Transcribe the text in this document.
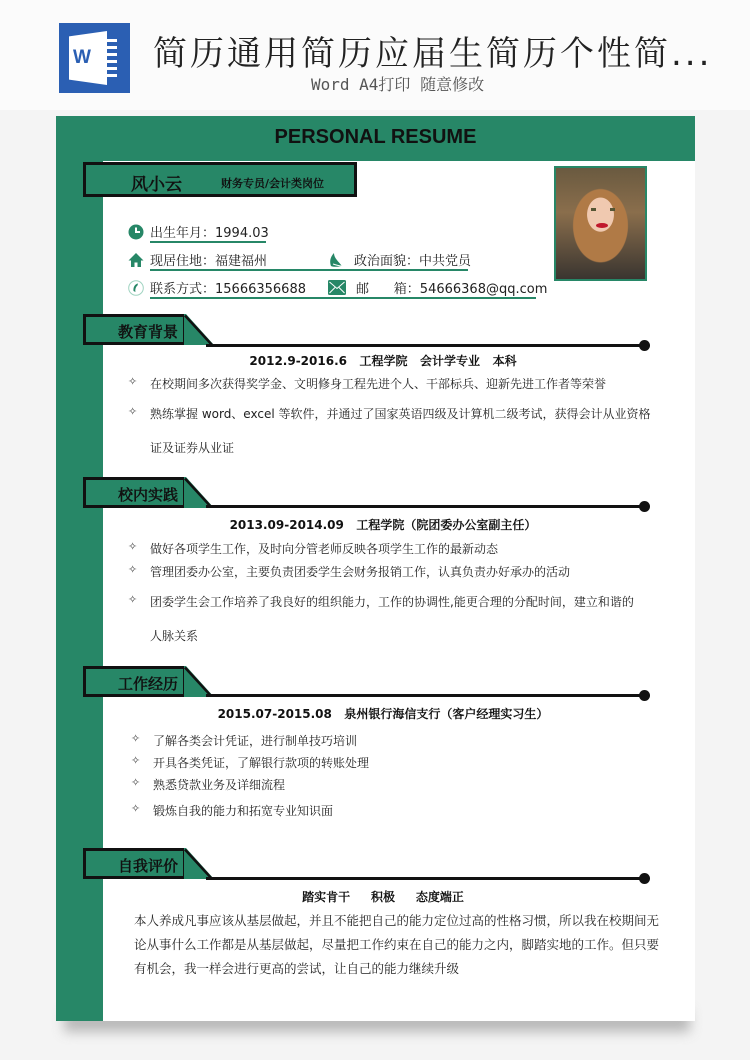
W 简历通用简历应届生简历个性简...
Word A4打印 随意修改
PERSONAL RESUME
风小云	财务专员/会计类岗位
出生年月：1994.03
现居住地：福建福州	政治面貌：中共党员
联系方式：15666356688	邮      箱：54666368@qq.com
教育背景
2012.9-2016.6   工程学院   会计学专业   本科
✧	在校期间多次获得奖学金、文明修身工程先进个人、干部标兵、迎新先进工作者等荣誉
✧	熟练掌握 word、excel 等软件，并通过了国家英语四级及计算机二级考试，获得会计从业资格
证及证券从业证
校内实践
2013.09-2014.09   工程学院（院团委办公室副主任）
✧	做好各项学生工作，及时向分管老师反映各项学生工作的最新动态
✧	管理团委办公室，主要负责团委学生会财务报销工作，认真负责办好承办的活动
✧	团委学生会工作培养了我良好的组织能力，工作的协调性,能更合理的分配时间，建立和谐的
人脉关系
工作经历
2015.07-2015.08   泉州银行海信支行（客户经理实习生）
✧	了解各类会计凭证，进行制单技巧培训
✧	开具各类凭证，了解银行款项的转账处理
✧	熟悉贷款业务及详细流程
✧	锻炼自我的能力和拓宽专业知识面
自我评价
踏实肯干     积极     态度端正
本人养成凡事应该从基层做起，并且不能把自己的能力定位过高的性格习惯，所以我在校期间无
论从事什么工作都是从基层做起，尽量把工作约束在自己的能力之内，脚踏实地的工作。但只要
有机会，我一样会进行更高的尝试，让自己的能力继续升级
